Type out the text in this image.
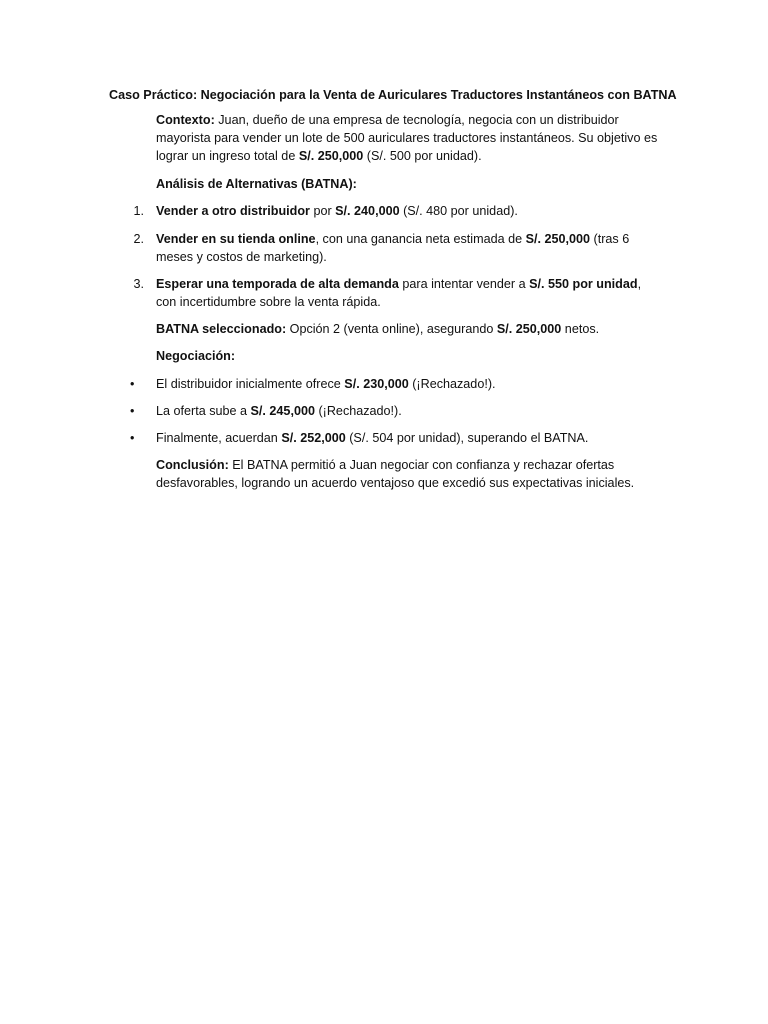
Caso Práctico: Negociación para la Venta de Auriculares Traductores Instantáneos con BATNA
Contexto: Juan, dueño de una empresa de tecnología, negocia con un distribuidor mayorista para vender un lote de 500 auriculares traductores instantáneos. Su objetivo es lograr un ingreso total de S/. 250,000 (S/. 500 por unidad).
Análisis de Alternativas (BATNA):
1. Vender a otro distribuidor por S/. 240,000 (S/. 480 por unidad).
2. Vender en su tienda online, con una ganancia neta estimada de S/. 250,000 (tras 6 meses y costos de marketing).
3. Esperar una temporada de alta demanda para intentar vender a S/. 550 por unidad, con incertidumbre sobre la venta rápida.
BATNA seleccionado: Opción 2 (venta online), asegurando S/. 250,000 netos.
Negociación:
•	El distribuidor inicialmente ofrece S/. 230,000 (¡Rechazado!).
•	La oferta sube a S/. 245,000 (¡Rechazado!).
•	Finalmente, acuerdan S/. 252,000 (S/. 504 por unidad), superando el BATNA.
Conclusión: El BATNA permitió a Juan negociar con confianza y rechazar ofertas desfavorables, logrando un acuerdo ventajoso que excedió sus expectativas iniciales.
